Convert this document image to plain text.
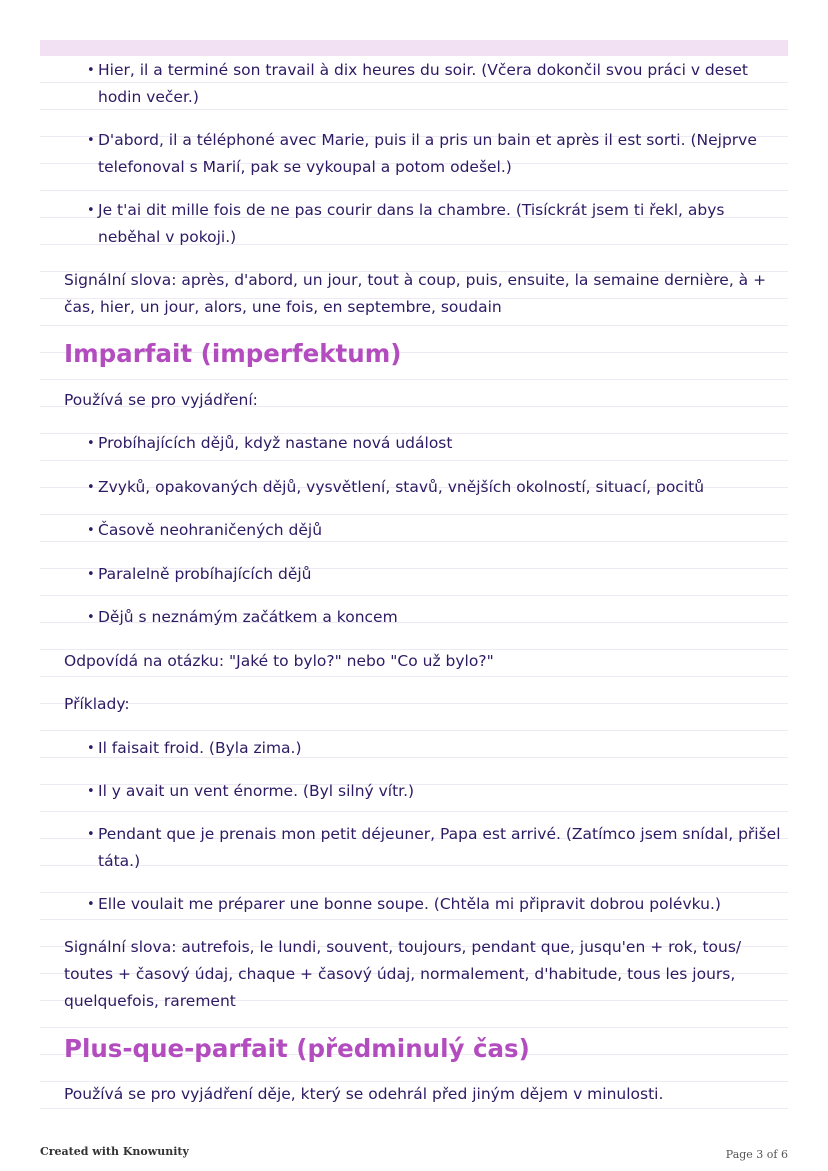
• Hier, il a terminé son travail à dix heures du soir. (Včera dokončil svou práci v deset hodin večer.)
• D'abord, il a téléphoné avec Marie, puis il a pris un bain et après il est sorti. (Nejprve telefonoval s Marií, pak se vykoupal a potom odešel.)
• Je t'ai dit mille fois de ne pas courir dans la chambre. (Tisíckrát jsem ti řekl, abys neběhal v pokoji.)
Signální slova: après, d'abord, un jour, tout à coup, puis, ensuite, la semaine dernière, à + čas, hier, un jour, alors, une fois, en septembre, soudain
Imparfait (imperfektum)
Používá se pro vyjádření:
• Probíhajících dějů, když nastane nová událost
• Zvyků, opakovaných dějů, vysvětlení, stavů, vnějších okolností, situací, pocitů
• Časově neohraničených dějů
• Paralelně probíhajících dějů
• Dějů s neznámým začátkem a koncem
Odpovídá na otázku: "Jaké to bylo?" nebo "Co už bylo?"
Příklady:
• Il faisait froid. (Byla zima.)
• Il y avait un vent énorme. (Byl silný vítr.)
• Pendant que je prenais mon petit déjeuner, Papa est arrivé. (Zatímco jsem snídal, přišel táta.)
• Elle voulait me préparer une bonne soupe. (Chtěla mi připravit dobrou polévku.)
Signální slova: autrefois, le lundi, souvent, toujours, pendant que, jusqu'en + rok, tous/ toutes + časový údaj, chaque + časový údaj, normalement, d'habitude, tous les jours, quelquefois, rarement
Plus-que-parfait (předminulý čas)
Používá se pro vyjádření děje, který se odehrál před jiným dějem v minulosti.
Created with Knowunity	Page 3 of 6
